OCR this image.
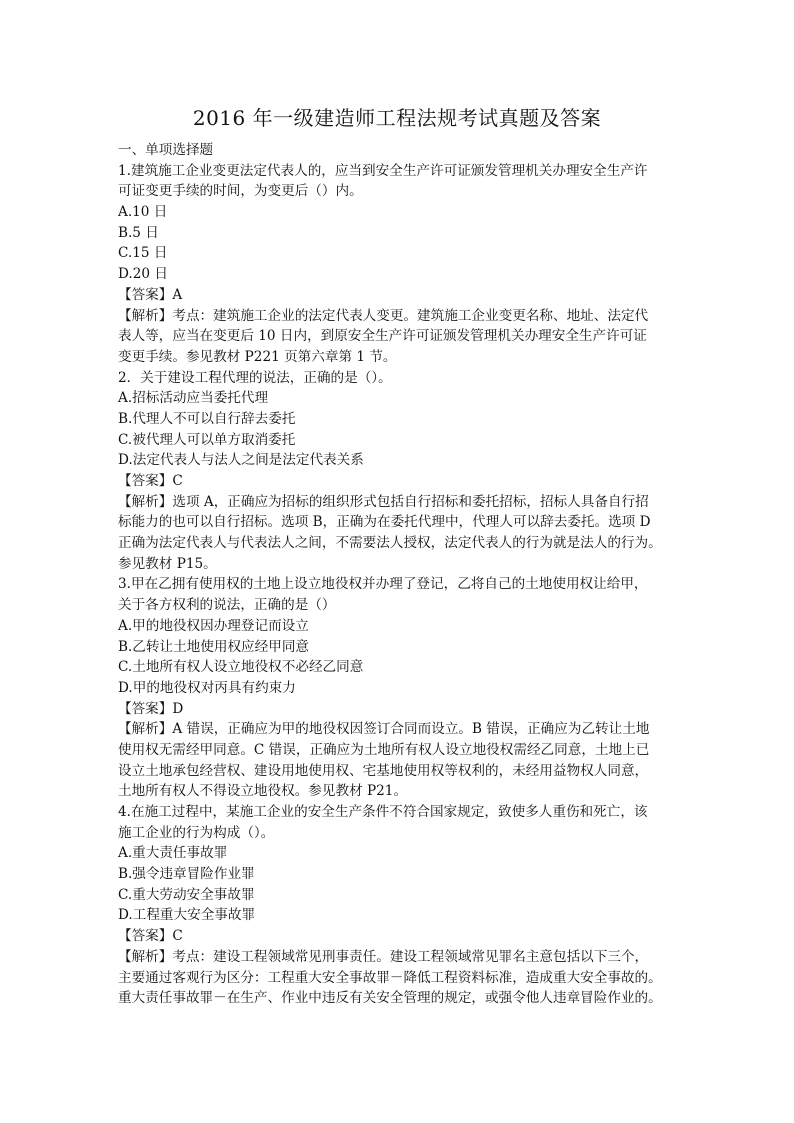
2016 年一级建造师工程法规考试真题及答案
一、单项选择题
1.建筑施工企业变更法定代表人的，应当到安全生产许可证颁发管理机关办理安全生产许
可证变更手续的时间，为变更后（）内。
A.10 日
B.5 日
C.15 日
D.20 日
【答案】A
【解析】考点：建筑施工企业的法定代表人变更。建筑施工企业变更名称、地址、法定代
表人等，应当在变更后 10 日内，到原安全生产许可证颁发管理机关办理安全生产许可证
变更手续。参见教材 P221 页第六章第 1 节。
2．关于建设工程代理的说法，正确的是（）。
A.招标活动应当委托代理
B.代理人不可以自行辞去委托
C.被代理人可以单方取消委托
D.法定代表人与法人之间是法定代表关系
【答案】C
【解析】选项 A，正确应为招标的组织形式包括自行招标和委托招标，招标人具备自行招
标能力的也可以自行招标。选项 B，正确为在委托代理中，代理人可以辞去委托。选项 D
正确为法定代表人与代表法人之间，不需要法人授权，法定代表人的行为就是法人的行为。
参见教材 P15。
3.甲在乙拥有使用权的土地上设立地役权并办理了登记，乙将自己的土地使用权让给甲，
关于各方权利的说法，正确的是（）
A.甲的地役权因办理登记而设立
B.乙转让土地使用权应经甲同意
C.土地所有权人设立地役权不必经乙同意
D.甲的地役权对丙具有约束力
【答案】D
【解析】A 错误，正确应为甲的地役权因签订合同而设立。B 错误，正确应为乙转让土地
使用权无需经甲同意。C 错误，正确应为土地所有权人设立地役权需经乙同意，土地上已
设立土地承包经营权、建设用地使用权、宅基地使用权等权利的，未经用益物权人同意，
土地所有权人不得设立地役权。参见教材 P21。
4.在施工过程中，某施工企业的安全生产条件不符合国家规定，致使多人重伤和死亡，该
施工企业的行为构成（）。
A.重大责任事故罪
B.强令违章冒险作业罪
C.重大劳动安全事故罪
D.工程重大安全事故罪
【答案】C
【解析】考点：建设工程领域常见刑事责任。建设工程领域常见罪名主意包括以下三个，
主要通过客观行为区分：工程重大安全事故罪－降低工程资料标准，造成重大安全事故的。
重大责任事故罪－在生产、作业中违反有关安全管理的规定，或强令他人违章冒险作业的。
